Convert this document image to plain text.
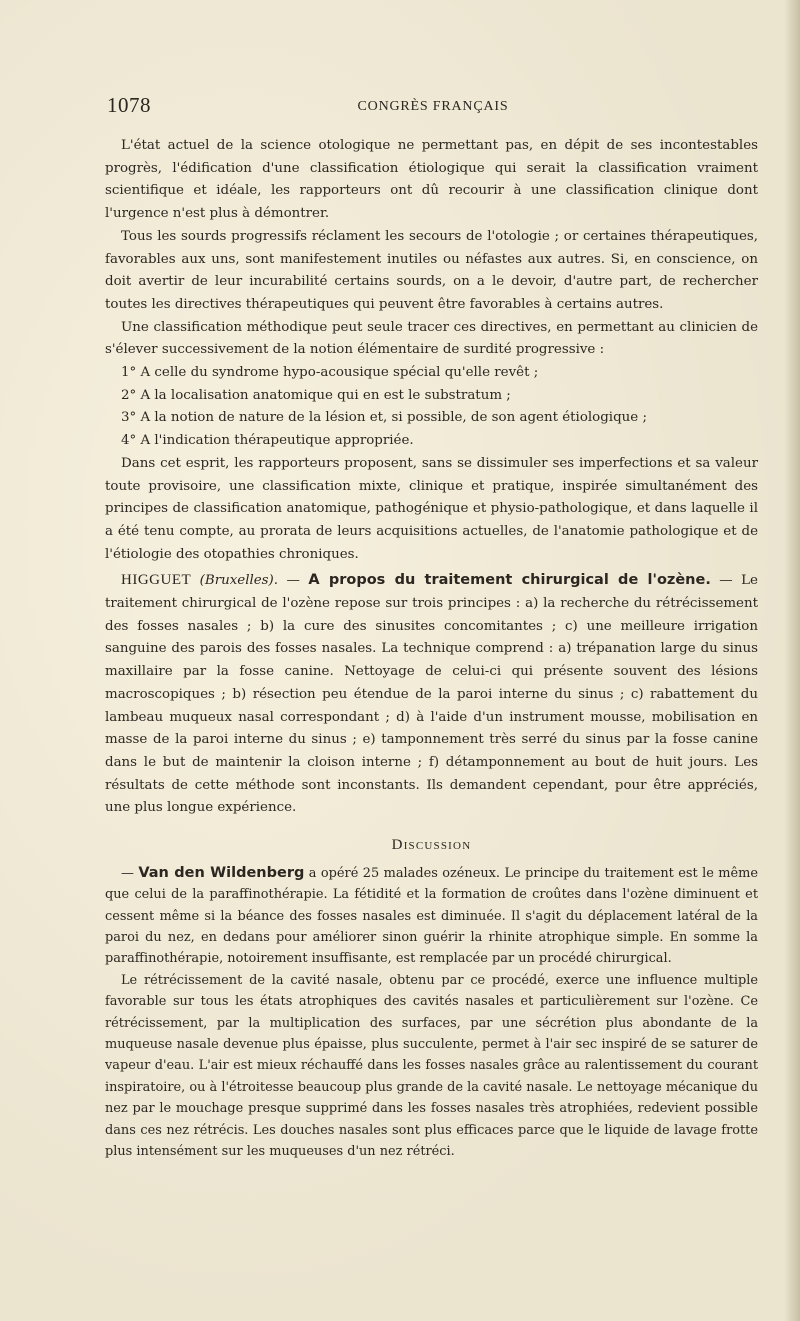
1078	CONGRÈS FRANÇAIS

L'état actuel de la science otologique ne permettant pas, en dépit de ses incontestables progrès, l'édification d'une classification étiologique qui serait la classification vraiment scientifique et idéale, les rapporteurs ont dû recourir à une classification clinique dont l'urgence n'est plus à démontrer.

Tous les sourds progressifs réclament les secours de l'otologie ; or certaines thérapeutiques, favorables aux uns, sont manifestement inutiles ou néfastes aux autres. Si, en conscience, on doit avertir de leur incurabilité certains sourds, on a le devoir, d'autre part, de rechercher toutes les directives thérapeutiques qui peuvent être favorables à certains autres.

Une classification méthodique peut seule tracer ces directives, en permettant au clinicien de s'élever successivement de la notion élémentaire de surdité progressive :

1° A celle du syndrome hypo-acousique spécial qu'elle revêt ;

2° A la localisation anatomique qui en est le substratum ;

3° A la notion de nature de la lésion et, si possible, de son agent étiologique ;

4° A l'indication thérapeutique appropriée.

Dans cet esprit, les rapporteurs proposent, sans se dissimuler ses imperfections et sa valeur toute provisoire, une classification mixte, clinique et pratique, inspirée simultanément des principes de classification anatomique, pathogénique et physio-pathologique, et dans laquelle il a été tenu compte, au prorata de leurs acquisitions actuelles, de l'anatomie pathologique et de l'étiologie des otopathies chroniques.

HIGGUET (Bruxelles). — A propos du traitement chirurgical de l'ozène. — Le traitement chirurgical de l'ozène repose sur trois principes : a) la recherche du rétrécissement des fosses nasales ; b) la cure des sinusites concomitantes ; c) une meilleure irrigation sanguine des parois des fosses nasales. La technique comprend : a) trépanation large du sinus maxillaire par la fosse canine. Nettoyage de celui-ci qui présente souvent des lésions macroscopiques ; b) résection peu étendue de la paroi interne du sinus ; c) rabattement du lambeau muqueux nasal correspondant ; d) à l'aide d'un instrument mousse, mobilisation en masse de la paroi interne du sinus ; e) tamponnement très serré du sinus par la fosse canine dans le but de maintenir la cloison interne ; f) détamponnement au bout de huit jours. Les résultats de cette méthode sont inconstants. Ils demandent cependant, pour être appréciés, une plus longue expérience.

Discussion

— Van den Wildenberg a opéré 25 malades ozéneux. Le principe du traitement est le même que celui de la paraffinothérapie. La fétidité et la formation de croûtes dans l'ozène diminuent et cessent même si la béance des fosses nasales est diminuée. Il s'agit du déplacement latéral de la paroi du nez, en dedans pour améliorer sinon guérir la rhinite atrophique simple. En somme la paraffinothérapie, notoirement insuffisante, est remplacée par un procédé chirurgical.

Le rétrécissement de la cavité nasale, obtenu par ce procédé, exerce une influence multiple favorable sur tous les états atrophiques des cavités nasales et particulièrement sur l'ozène. Ce rétrécissement, par la multiplication des surfaces, par une sécrétion plus abondante de la muqueuse nasale devenue plus épaisse, plus succulente, permet à l'air sec inspiré de se saturer de vapeur d'eau. L'air est mieux réchauffé dans les fosses nasales grâce au ralentissement du courant inspiratoire, ou à l'étroitesse beaucoup plus grande de la cavité nasale. Le nettoyage mécanique du nez par le mouchage presque supprimé dans les fosses nasales très atrophiées, redevient possible dans ces nez rétrécis. Les douches nasales sont plus efficaces parce que le liquide de lavage frotte plus intensément sur les muqueuses d'un nez rétréci.
